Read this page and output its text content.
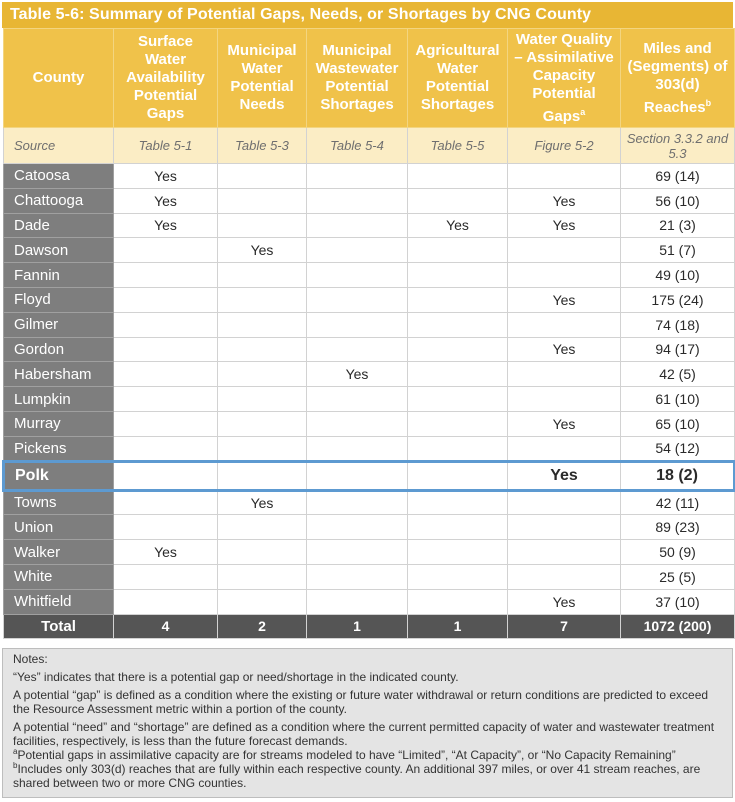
Table 5-6: Summary of Potential Gaps, Needs, or Shortages by CNG County
County	Surface Water Availability Potential Gaps	Municipal Water Potential Needs	Municipal Wastewater Potential Shortages	Agricultural Water Potential Shortages	Water Quality – Assimilative Capacity Potential Gaps$^a$	Miles and (Segments) of 303(d) Reaches$^b$
Source	Table 5-1	Table 5-3	Table 5-4	Table 5-5	Figure 5-2	Section 3.3.2 and 5.3
Catoosa	Yes					69 (14)
Chattooga	Yes				Yes	56 (10)
Dade	Yes			Yes	Yes	21 (3)
Dawson		Yes				51 (7)
Fannin						49 (10)
Floyd					Yes	175 (24)
Gilmer						74 (18)
Gordon					Yes	94 (17)
Habersham			Yes			42 (5)
Lumpkin						61 (10)
Murray					Yes	65 (10)
Pickens						54 (12)
Polk					Yes	18 (2)
Towns		Yes				42 (11)
Union						89 (23)
Walker	Yes					50 (9)
White						25 (5)
Whitfield					Yes	37 (10)
Total	4	2	1	1	7	1072 (200)

Notes:

“Yes” indicates that there is a potential gap or need/shortage in the indicated county.

A potential “gap” is defined as a condition where the existing or future water withdrawal or return conditions are predicted to exceed the Resource Assessment metric within a portion of the county.

A potential “need” and “shortage” are defined as a condition where the current permitted capacity of water and wastewater treatment facilities, respectively, is less than the future forecast demands.

$^a$Potential gaps in assimilative capacity are for streams modeled to have “Limited”, “At Capacity”, or “No Capacity Remaining”

$^b$Includes only 303(d) reaches that are fully within each respective county. An additional 397 miles, or over 41 stream reaches, are shared between two or more CNG counties.
